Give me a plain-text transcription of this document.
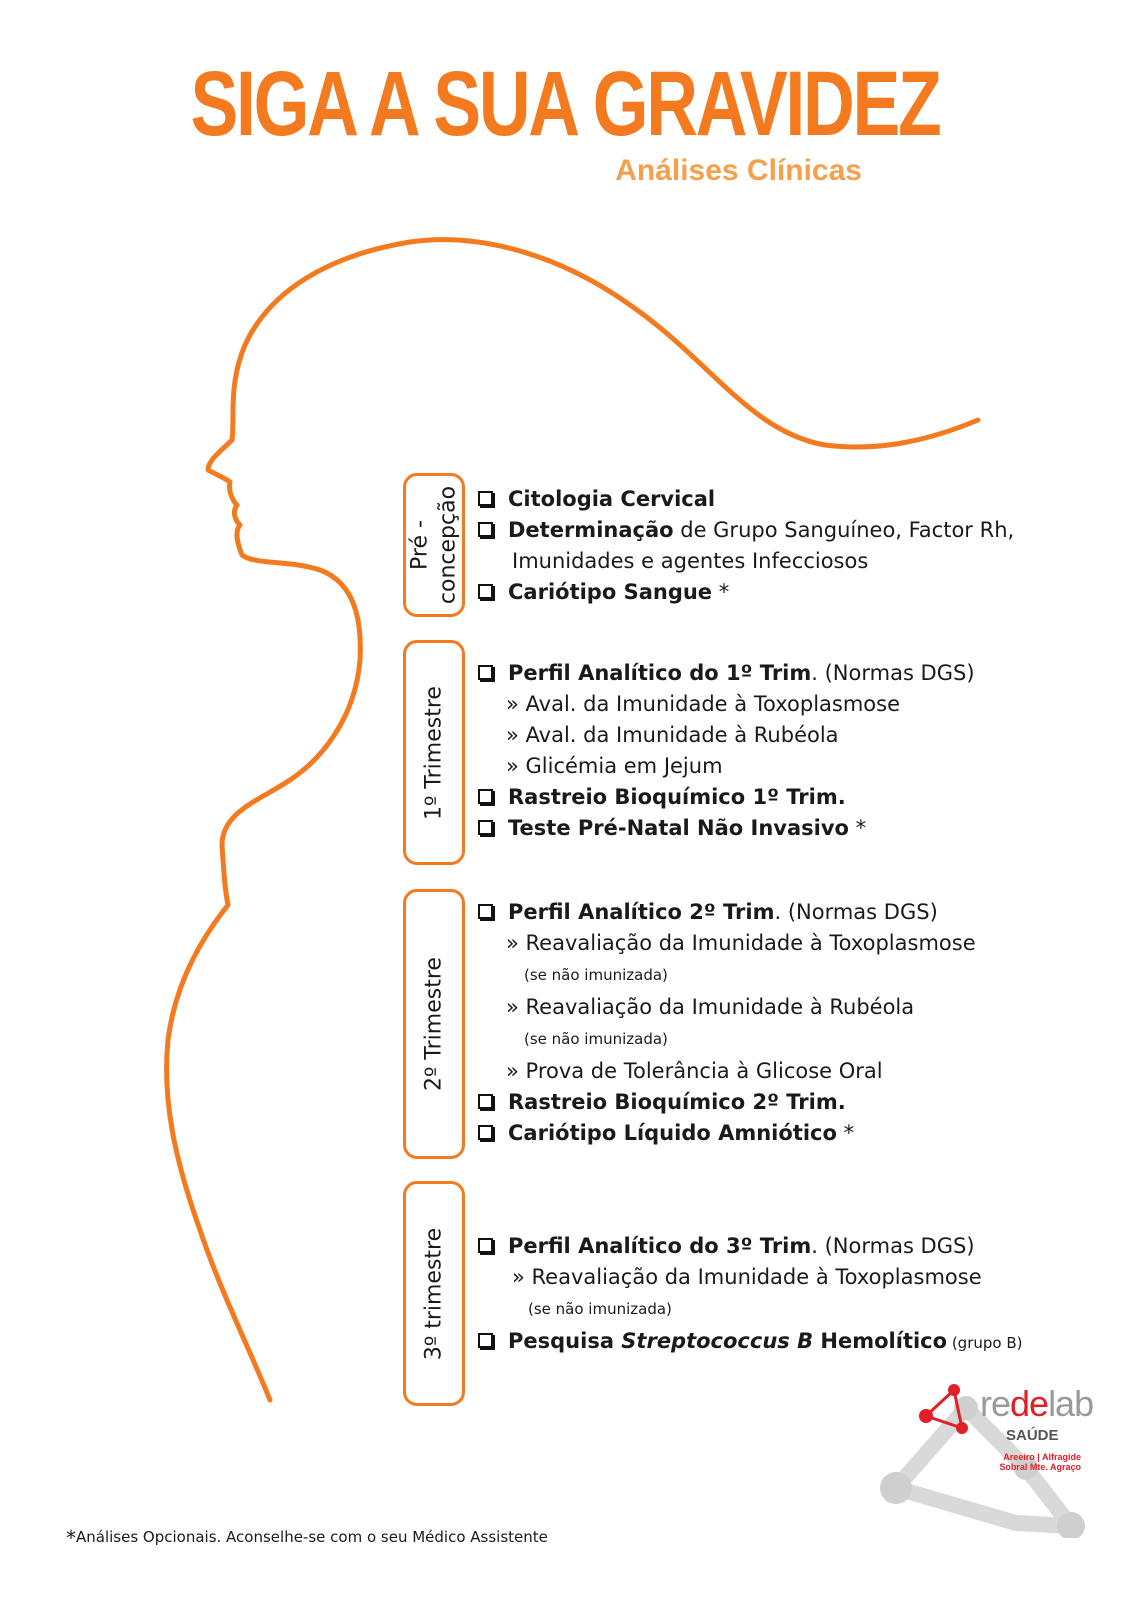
SIGA A SUA GRAVIDEZ
Análises Clínicas
Pré - concepção	Citologia Cervical
Determinação de Grupo Sanguíneo, Factor Rh,
Imunidades e agentes Infecciosos
Cariótipo Sangue *
1º Trimestre
Perfil Analítico do 1º Trim. (Normas DGS)
» Aval. da Imunidade à Toxoplasmose
» Aval. da Imunidade à Rubéola
» Glicémia em Jejum
Rastreio Bioquímico 1º Trim.
Teste Pré-Natal Não Invasivo *
2º Trimestre
Perfil Analítico 2º Trim. (Normas DGS)
» Reavaliação da Imunidade à Toxoplasmose
(se não imunizada)
» Reavaliação da Imunidade à Rubéola
(se não imunizada)
» Prova de Tolerância à Glicose Oral
Rastreio Bioquímico 2º Trim.
Cariótipo Líquido Amniótico *
3º trimestre	Perfil Analítico do 3º Trim. (Normas DGS)
» Reavaliação da Imunidade à Toxoplasmose
(se não imunizada)
Pesquisa Streptococcus B Hemolítico (grupo B)
redelab
SAÚDE
Areeiro | Alfragide
Sobral Mte. Agraço
*Análises Opcionais. Aconselhe-se com o seu Médico Assistente
